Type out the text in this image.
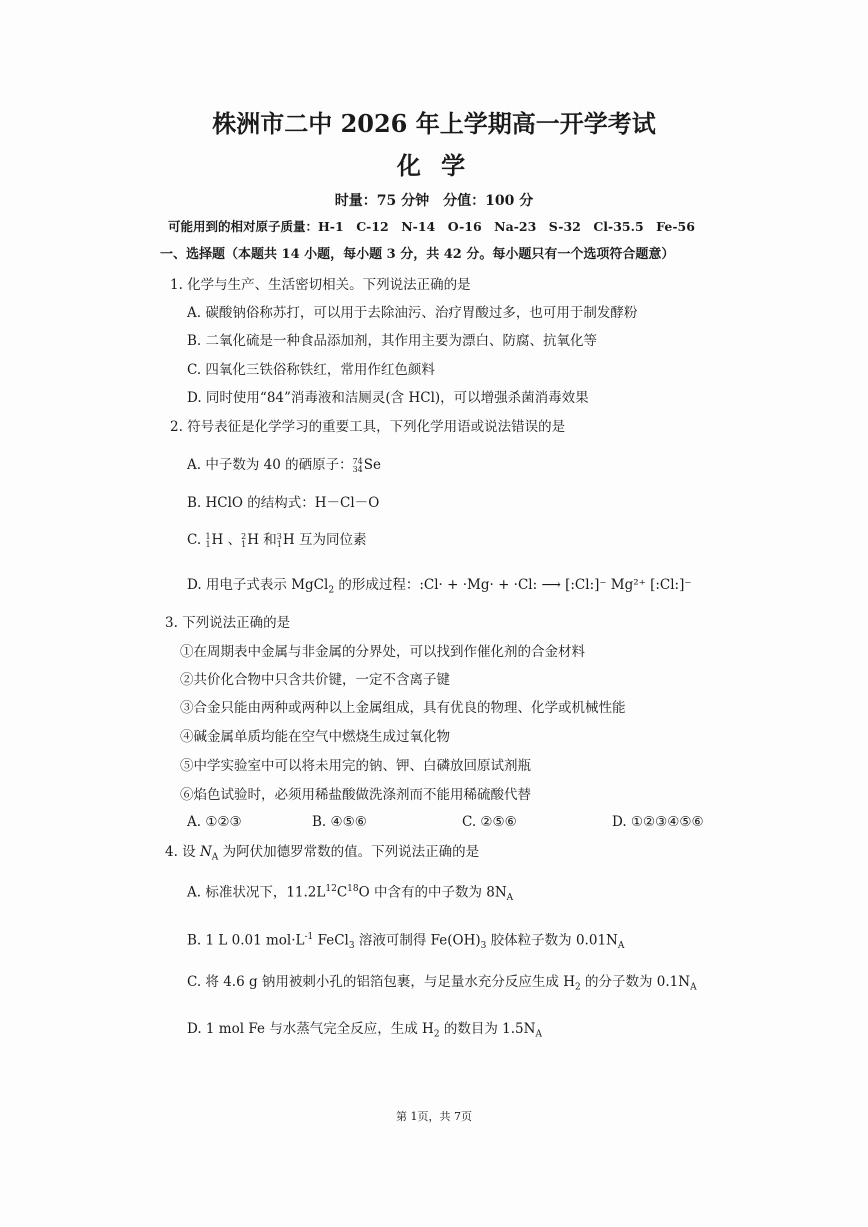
株洲市二中 2026 年上学期高一开学考试
化 学
时量：75 分钟　分值：100 分
可能用到的相对原子质量：H-1　C-12　N-14　O-16　Na-23　S-32　Cl-35.5　Fe-56
一、选择题（本题共 14 小题，每小题 3 分，共 42 分。每小题只有一个选项符合题意）
1. 化学与生产、生活密切相关。下列说法正确的是
A. 碳酸钠俗称苏打，可以用于去除油污、治疗胃酸过多，也可用于制发酵粉
B. 二氧化硫是一种食品添加剂，其作用主要为漂白、防腐、抗氧化等
C. 四氧化三铁俗称铁红，常用作红色颜料
D. 同时使用“84”消毒液和洁厕灵(含 HCl)，可以增强杀菌消毒效果
2. 符号表征是化学学习的重要工具，下列化学用语或说法错误的是
A. 中子数为 40 的硒原子：74
34Se
B. HClO 的结构式：H－Cl－O
C. 1
1H 、2
1H 和3
1H 互为同位素
D. 用电子式表示 MgCl$_2$ 的形成过程：:Cl· + ·Mg· + ·Cl: ⟶ [:Cl:]⁻ Mg²⁺ [:Cl:]⁻
3. 下列说法正确的是
①在周期表中金属与非金属的分界处，可以找到作催化剂的合金材料
②共价化合物中只含共价键，一定不含离子键
③合金只能由两种或两种以上金属组成，具有优良的物理、化学或机械性能
④碱金属单质均能在空气中燃烧生成过氧化物
⑤中学实验室中可以将未用完的钠、钾、白磷放回原试剂瓶
⑥焰色试验时，必须用稀盐酸做洗涤剂而不能用稀硫酸代替
A. ①②③	B. ④⑤⑥	C. ②⑤⑥	D. ①②③④⑤⑥
4. 设 $N_A$ 为阿伏加德罗常数的值。下列说法正确的是
A. 标准状况下，$11.2L^{12}C^{18}O$ 中含有的中子数为 $8N_A$
B. 1 L 0.01 $mol\cdot L^{-1}$ FeCl$_3$ 溶液可制得 $Fe(OH)_3$ 胶体粒子数为 $0.01N_A$
C. 将 4.6 g 钠用被刺小孔的铝箔包裹，与足量水充分反应生成 $H_2$ 的分子数为 $0.1N_A$
D. 1 mol Fe 与水蒸气完全反应，生成 $H_2$ 的数目为 $1.5N_A$
第 1页，共 7页
